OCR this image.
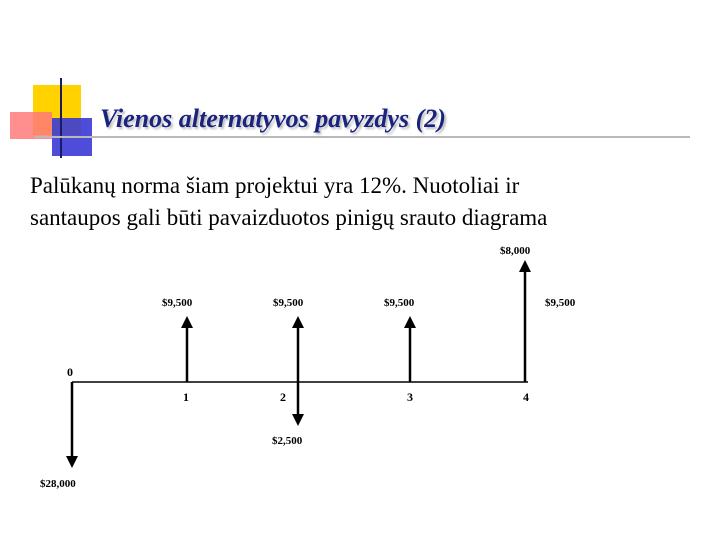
Vienos alternatyvos pavyzdys (2)
Palūkanų norma šiam projektui yra 12%. Nuotoliai ir
santaupos gali būti pavaizduotos pinigų srauto diagrama
0
1	2	3	4
$28,000
$9,500	$9,500
$2,500
$9,500
$8,000
$9,500
